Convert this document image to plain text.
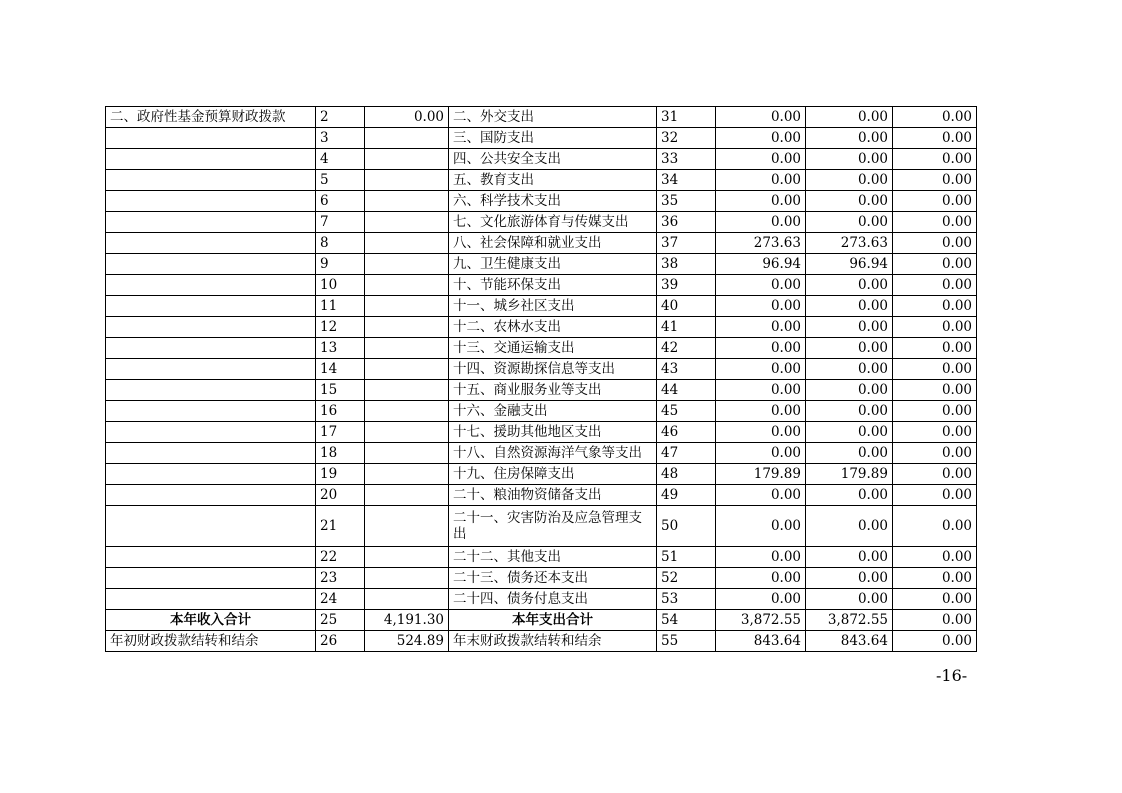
二、政府性基金预算财政拨款	2	0.00	二、外交支出	31	0.00	0.00	0.00
	3		三、国防支出	32	0.00	0.00	0.00
	4		四、公共安全支出	33	0.00	0.00	0.00
	5		五、教育支出	34	0.00	0.00	0.00
	6		六、科学技术支出	35	0.00	0.00	0.00
	7		七、文化旅游体育与传媒支出	36	0.00	0.00	0.00
	8		八、社会保障和就业支出	37	273.63	273.63	0.00
	9		九、卫生健康支出	38	96.94	96.94	0.00
	10		十、节能环保支出	39	0.00	0.00	0.00
	11		十一、城乡社区支出	40	0.00	0.00	0.00
	12		十二、农林水支出	41	0.00	0.00	0.00
	13		十三、交通运输支出	42	0.00	0.00	0.00
	14		十四、资源勘探信息等支出	43	0.00	0.00	0.00
	15		十五、商业服务业等支出	44	0.00	0.00	0.00
	16		十六、金融支出	45	0.00	0.00	0.00
	17		十七、援助其他地区支出	46	0.00	0.00	0.00
	18		十八、自然资源海洋气象等支出	47	0.00	0.00	0.00
	19		十九、住房保障支出	48	179.89	179.89	0.00
	20		二十、粮油物资储备支出	49	0.00	0.00	0.00
	21		二十一、灾害防治及应急管理支出	50	0.00	0.00	0.00
	22		二十二、其他支出	51	0.00	0.00	0.00
	23		二十三、债务还本支出	52	0.00	0.00	0.00
	24		二十四、债务付息支出	53	0.00	0.00	0.00
本年收入合计	25	4,191.30	本年支出合计	54	3,872.55	3,872.55	0.00
年初财政拨款结转和结余	26	524.89	年末财政拨款结转和结余	55	843.64	843.64	0.00
-16-
